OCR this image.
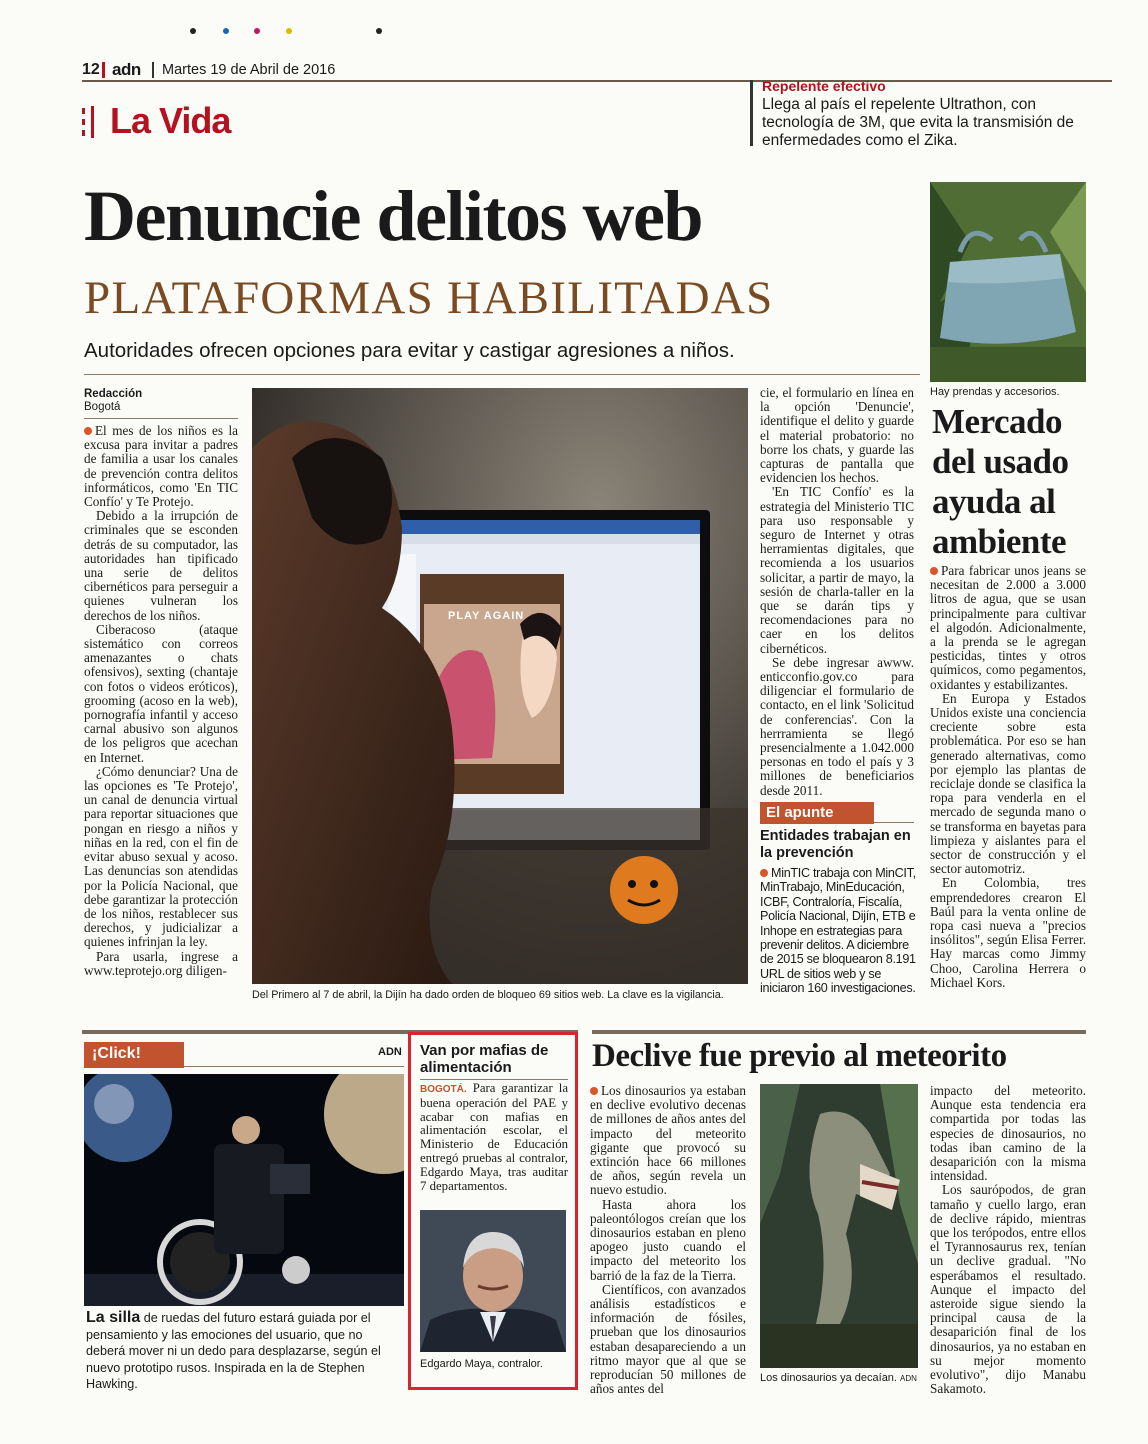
12 adn Martes 19 de Abril de 2016
La Vida
Repelente efectivo
Llega al país el repelente Ultrathon, con tecnología de 3M, que evita la transmisión de enfermedades como el Zika.
Denuncie delitos web
PLATAFORMAS HABILITADAS
Autoridades ofrecen opciones para evitar y castigar agresiones a niños.
Redacción
Bogotá

El mes de los niños es la excusa para invitar a padres de familia a usar los canales de prevención contra delitos informáticos, como 'En TIC Confío' y Te Protejo.

Debido a la irrupción de criminales que se esconden detrás de su computador, las autoridades han tipificado una serie de delitos cibernéticos para perseguir a quienes vulneran los derechos de los niños.

Ciberacoso (ataque sistemático con correos amenazantes o chats ofensivos), sexting (chantaje con fotos o videos eróticos), grooming (acoso en la web), pornografía infantil y acceso carnal abusivo son algunos de los peligros que acechan en Internet.

¿Cómo denunciar? Una de las opciones es 'Te Protejo', un canal de denuncia virtual para reportar situaciones que pongan en riesgo a niños y niñas en la red, con el fin de evitar abuso sexual y acoso. Las denuncias son atendidas por la Policía Nacional, que debe garantizar la protección de los niños, restablecer sus derechos, y judicializar a quienes infrinjan la ley.

Para usarla, ingrese a www.teprotejo.org diligen-

PLAY AGAIN
Del Primero al 7 de abril, la Dijín ha dado orden de bloqueo 69 sitios web. La clave es la vigilancia.

cie, el formulario en línea en la opción 'Denuncie', identifique el delito y guarde el material probatorio: no borre los chats, y guarde las capturas de pantalla que evidencien los hechos.

'En TIC Confío' es la estrategia del Ministerio TIC para uso responsable y seguro de Internet y otras herramientas digitales, que recomienda a los usuarios solicitar, a partir de mayo, la sesión de charla-taller en la que se darán tips y recomendaciones para no caer en los delitos cibernéticos.

Se debe ingresar awww. enticconfio.gov.co para diligenciar el formulario de contacto, en el link 'Solicitud de conferencias'. Con la herrramienta se llegó presencialmente a 1.042.000 personas en todo el país y 3 millones de beneficiarios desde 2011.

El apunte
Entidades trabajan en la prevención
MinTIC trabaja con MinCIT, MinTrabajo, MinEducación, ICBF, Contraloría, Fiscalía, Policía Nacional, Dijín, ETB e Inhope en estrategias para prevenir delitos. A diciembre de 2015 se bloquearon 8.191 URL de sitios web y se iniciaron 160 investigaciones.
Hay prendas y accesorios.
Mercado del usado ayuda al ambiente

Para fabricar unos jeans se necesitan de 2.000 a 3.000 litros de agua, que se usan principalmente para cultivar el algodón. Adicionalmente, a la prenda se le agregan pesticidas, tintes y otros químicos, como pegamentos, oxidantes y estabilizantes.

En Europa y Estados Unidos existe una conciencia creciente sobre esta problemática. Por eso se han generado alternativas, como por ejemplo las plantas de reciclaje donde se clasifica la ropa para venderla en el mercado de segunda mano o se transforma en bayetas para limpieza y aislantes para el sector de construcción y el sector automotriz.

En Colombia, tres emprendedores crearon El Baúl para la venta online de ropa casi nueva a "precios insólitos", según Elisa Ferrer. Hay marcas como Jimmy Choo, Carolina Herrera o Michael Kors.

¡Click!	ADN
La silla de ruedas del futuro estará guiada por el pensamiento y las emociones del usuario, que no deberá mover ni un dedo para desplazarse, según el nuevo prototipo rusos. Inspirada en la de Stephen Hawking.
Van por mafias de alimentación
BOGOTÁ. Para garantizar la buena operación del PAE y acabar con mafias en alimentación escolar, el Ministerio de Educación entregó pruebas al contralor, Edgardo Maya, tras auditar 7 departamentos.
Edgardo Maya, contralor.
Declive fue previo al meteorito

Los dinosaurios ya estaban en declive evolutivo decenas de millones de años antes del impacto del meteorito gigante que provocó su extinción hace 66 millones de años, según revela un nuevo estudio.

Hasta ahora los paleontólogos creían que los dinosaurios estaban en pleno apogeo justo cuando el impacto del meteorito los barrió de la faz de la Tierra.

Científicos, con avanzados análisis estadísticos e información de fósiles, prueban que los dinosaurios estaban desapareciendo a un ritmo mayor que al que se reproducían 50 millones de años antes del

Los dinosaurios ya decaían. ADN

impacto del meteorito. Aunque esta tendencia era compartida por todas las especies de dinosaurios, no todas iban camino de la desaparición con la misma intensidad.

Los saurópodos, de gran tamaño y cuello largo, eran de declive rápido, mientras que los terópodos, entre ellos el Tyrannosaurus rex, tenían un declive gradual. "No esperábamos el resultado. Aunque el impacto del asteroide sigue siendo la principal causa de la desaparición final de los dinosaurios, ya no estaban en su mejor momento evolutivo", dijo Manabu Sakamoto.
